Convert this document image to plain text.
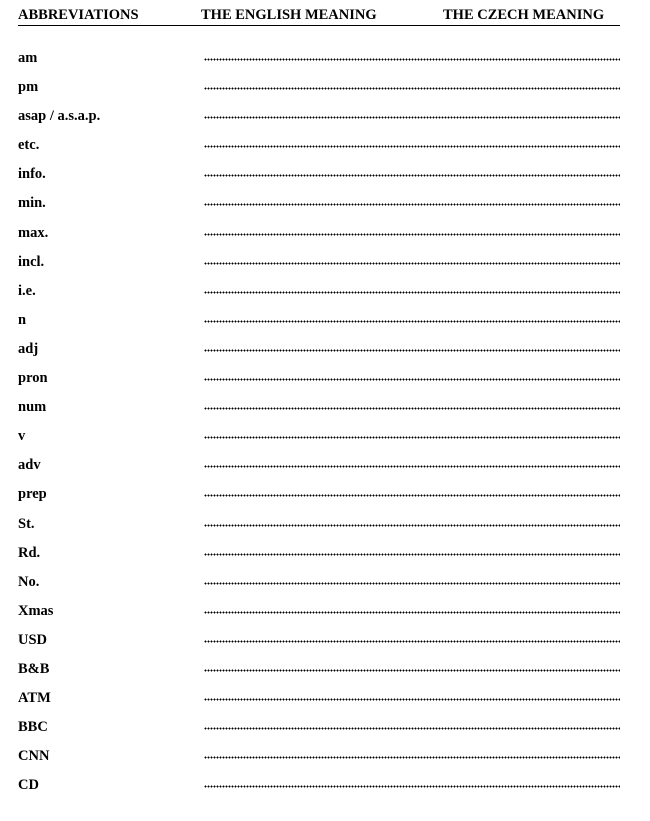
ABBREVIATIONS	THE ENGLISH MEANING	THE CZECH MEANING
am
pm
asap / a.s.a.p.
etc.
info.
min.
max.
incl.
i.e.
n
adj
pron
num
v
adv
prep
St.
Rd.
No.
Xmas
USD
B&B
ATM
BBC
CNN
CD
